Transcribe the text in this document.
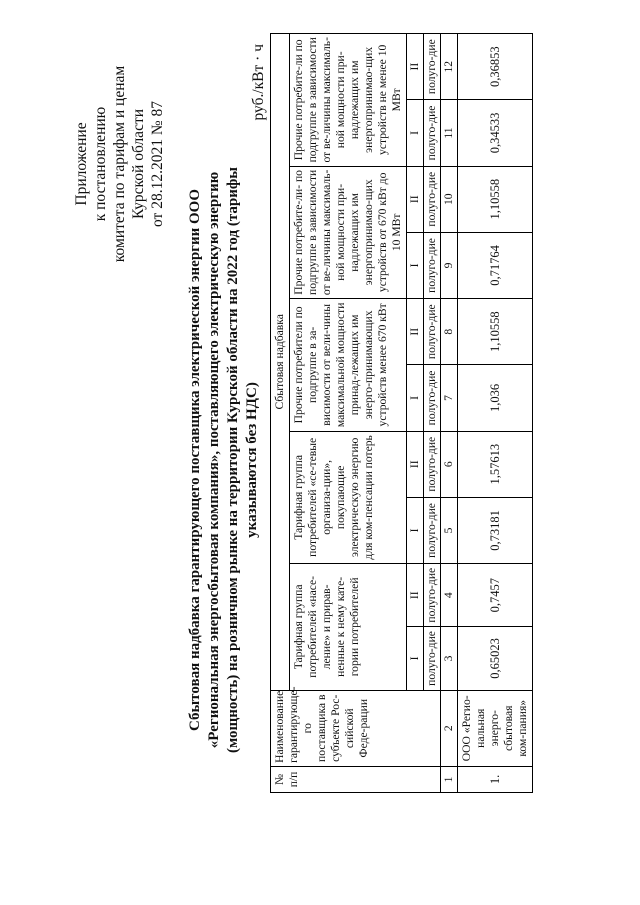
Приложение к постановлению комитета по тарифам и ценам Курской области от 28.12.2021 № 87
Сбытовая надбавка гарантирующего поставщика электрической энергии ООО «Региональная энергосбытовая компания», поставляющего электрическую энергию (мощность) на розничном рынке на территории Курской области на 2022 год (тарифы указываются без НДС)
руб./кВт · ч
№ п/п	Наименование гарантирующе-го поставщика в субъекте Рос-сийской Феде-рации	Сбытовая надбавка									
		Тарифная группа потребителей «насе-ление» и прирав-ненные к нему кате-гории потребителей		Тарифная группа потребителей «се-тевые организа-ции», покупающие электрическую энергию для ком-пенсации потерь		Прочие потребители по подгруппе в за-висимости от вели-чины максимальной мощности принад-лежащих им энерго-принимающих устройств менее 670 кВт		Прочие потребите-ли- по подгруппе в зависимости от ве-личины максималь-ной мощности при-надлежащих им энергопринимао-щих устройств от 670 кВт до 10 МВт		Прочие потребите-ли по подгруппе в зависимости от ве-личины максималь-ной мощности при-надлежащих им энергопринимао-щих устройств не менее 10 МВт	
		I	II	I	II	I	II	I	II	I	II
		полуго-дие	полуго-дие	полуго-дие	полуго-дие	полуго-дие	полуго-дие	полуго-дие	полуго-дие	полуго-дие	полуго-дие
1	2	3	4	5	6	7	8	9	10	11	12
1.	ООО «Регио-нальная энерго-сбытовая ком-пания»	0,65023	0,7457	0,73181	1,57613	1,036	1,10558	0,71764	1,10558	0,34533	0,36853
